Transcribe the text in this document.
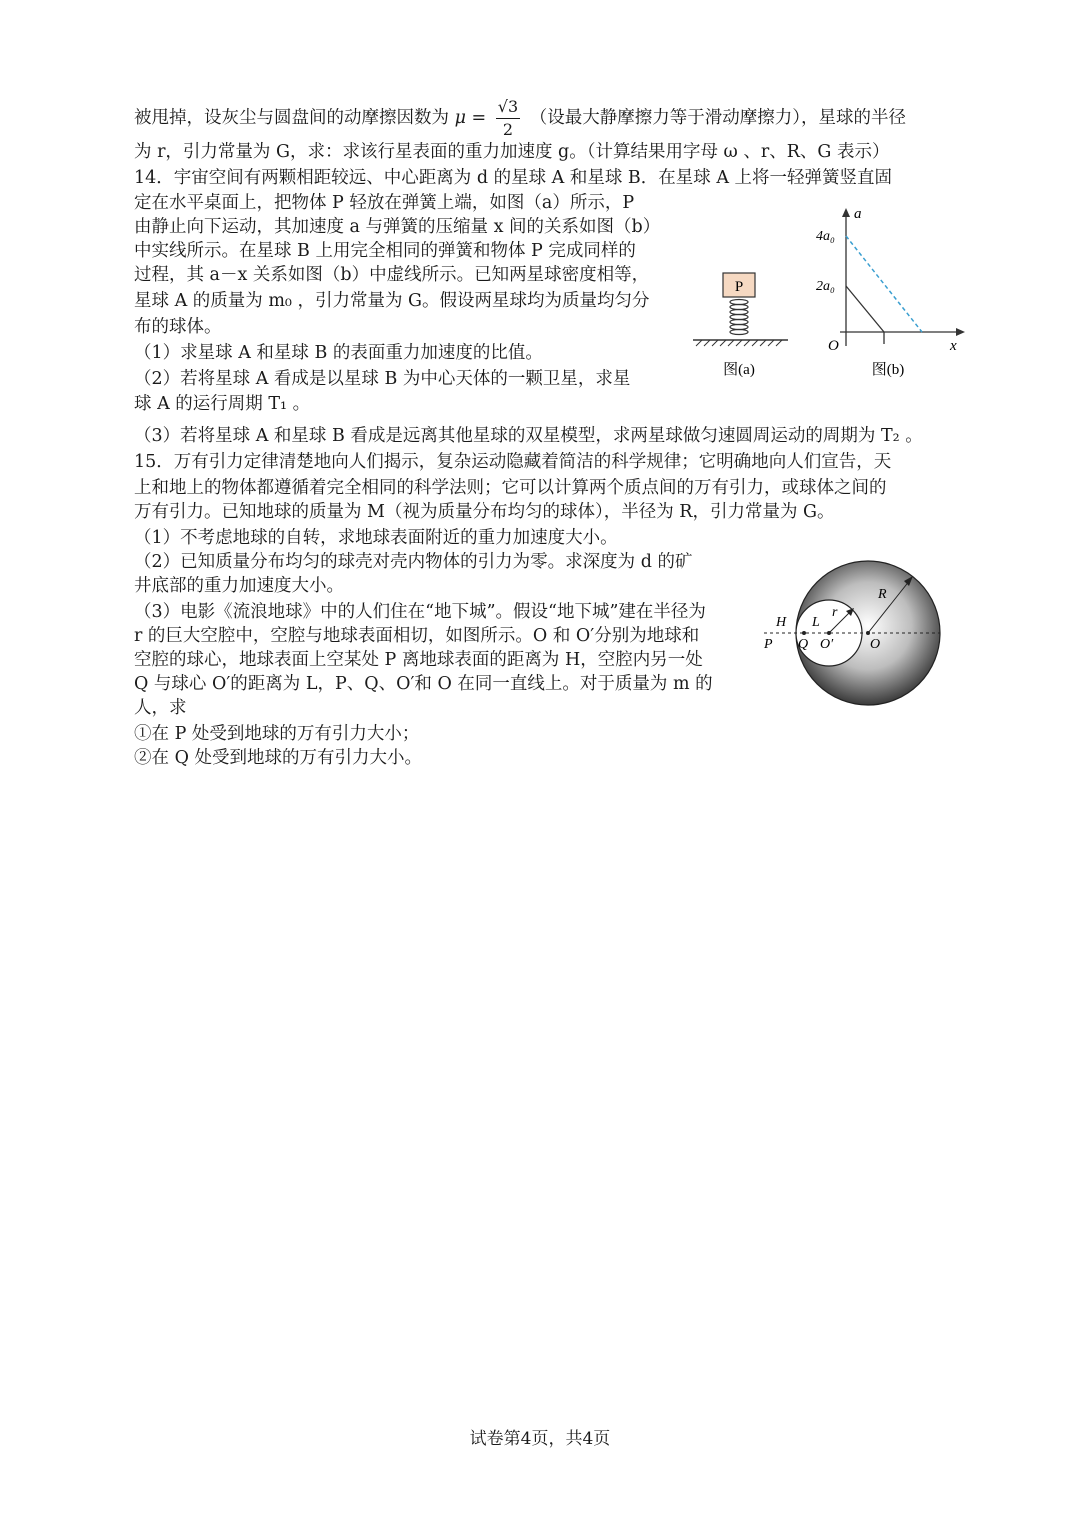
被甩掉，设灰尘与圆盘间的动摩擦因数为 $\mu = \frac{√3}{2}$ （设最大静摩擦力等于滑动摩擦力），星球的半径
为 r，引力常量为 G，求：求该行星表面的重力加速度 g。（计算结果用字母 ω 、r、R、G 表示）
14．宇宙空间有两颗相距较远、中心距离为 d 的星球 A 和星球 B．在星球 A 上将一轻弹簧竖直固
定在水平桌面上，把物体 P 轻放在弹簧上端，如图（a）所示，P
由静止向下运动，其加速度 a 与弹簧的压缩量 x 间的关系如图（b）
中实线所示。在星球 B 上用完全相同的弹簧和物体 P 完成同样的
过程，其 a－x 关系如图（b）中虚线所示。已知两星球密度相等，
星球 A 的质量为 m₀ ，引力常量为 G。假设两星球均为质量均匀分
布的球体。
（1）求星球 A 和星球 B 的表面重力加速度的比值。
（2）若将星球 A 看成是以星球 B 为中心天体的一颗卫星，求星
球 A 的运行周期 T₁ 。
（3）若将星球 A 和星球 B 看成是远离其他星球的双星模型，求两星球做匀速圆周运动的周期为 T₂ 。
P
图(a)
a
x
O
4a₀
2a₀
图(b)
15．万有引力定律清楚地向人们揭示，复杂运动隐藏着简洁的科学规律；它明确地向人们宣告，天
上和地上的物体都遵循着完全相同的科学法则；它可以计算两个质点间的万有引力，或球体之间的
万有引力。已知地球的质量为 M（视为质量分布均匀的球体），半径为 R，引力常量为 G。
（1）不考虑地球的自转，求地球表面附近的重力加速度大小。
（2）已知质量分布均匀的球壳对壳内物体的引力为零。求深度为 d 的矿
井底部的重力加速度大小。
（3）电影《流浪地球》中的人们住在“地下城”。假设“地下城”建在半径为
r 的巨大空腔中，空腔与地球表面相切，如图所示。O 和 O′分别为地球和
空腔的球心，地球表面上空某处 P 离地球表面的距离为 H，空腔内另一处
Q 与球心 O′的距离为 L，P、Q、O′和 O 在同一直线上。对于质量为 m 的
人，求
①在 P 处受到地球的万有引力大小；
②在 Q 处受到地球的万有引力大小。
H L
r
R
P Q O′	O
试卷第4页，共4页
